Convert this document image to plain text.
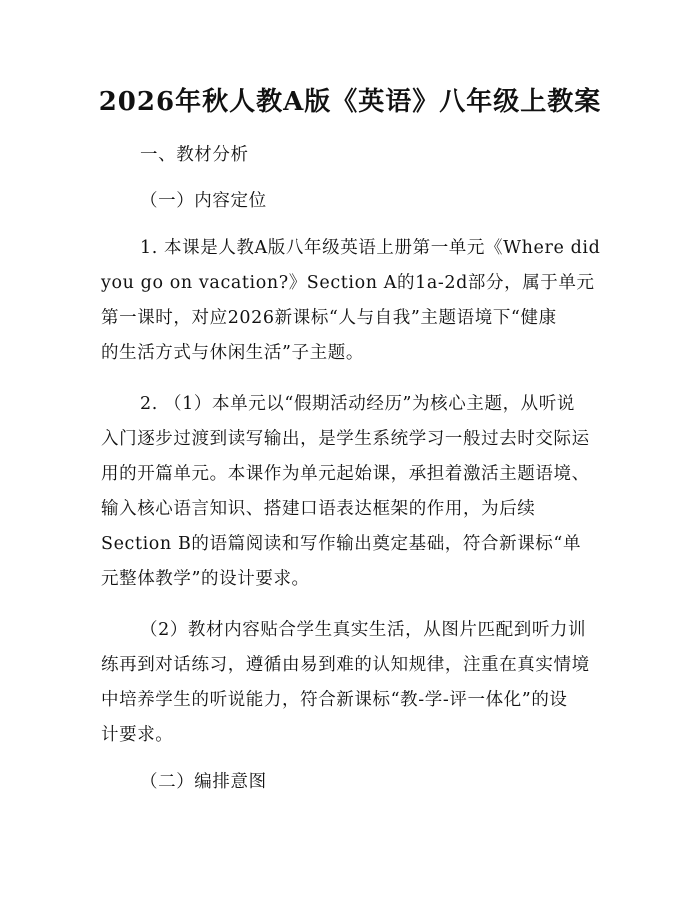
2026年秋人教A版《英语》八年级上教案
一、教材分析
（一）内容定位
1. 本课是人教A版八年级英语上册第一单元《Where did
you go on vacation?》Section A的1a-2d部分，属于单元
第一课时，对应2026新课标“人与自我”主题语境下“健康
的生活方式与休闲生活”子主题。
2. （1）本单元以“假期活动经历”为核心主题，从听说
入门逐步过渡到读写输出，是学生系统学习一般过去时交际运
用的开篇单元。本课作为单元起始课，承担着激活主题语境、
输入核心语言知识、搭建口语表达框架的作用，为后续
Section B的语篇阅读和写作输出奠定基础，符合新课标“单
元整体教学”的设计要求。
（2）教材内容贴合学生真实生活，从图片匹配到听力训
练再到对话练习，遵循由易到难的认知规律，注重在真实情境
中培养学生的听说能力，符合新课标“教-学-评一体化”的设
计要求。
（二）编排意图
